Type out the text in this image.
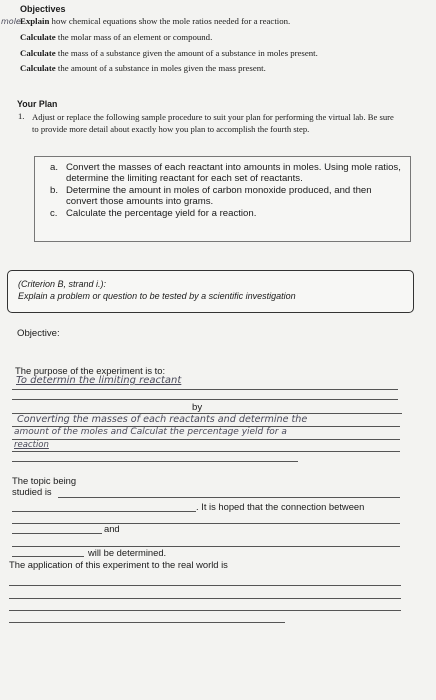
Objectives
mole Explain how chemical equations show the mole ratios needed for a reaction.
Calculate the molar mass of an element or compound.
Calculate the mass of a substance given the amount of a substance in moles present.
Calculate the amount of a substance in moles given the mass present.
Your Plan
1. Adjust or replace the following sample procedure to suit your plan for performing the virtual lab. Be sure to provide more detail about exactly how you plan to accomplish the fourth step.
a. Convert the masses of each reactant into amounts in moles. Using mole ratios, determine the limiting reactant for each set of reactants.
b. Determine the amount in moles of carbon monoxide produced, and then convert those amounts into grams.
c. Calculate the percentage yield for a reaction.
(Criterion B, strand i.):
Explain a problem or question to be tested by a scientific investigation
Objective:
The purpose of the experiment is to:
To determin the limiting reactant
by
Converting the masses of each reactants and determine the
amount of the moles and Calculat the percentage yield for a
reaction
The topic being
studied is
. It is hoped that the connection between
and
will be determined.
The application of this experiment to the real world is
